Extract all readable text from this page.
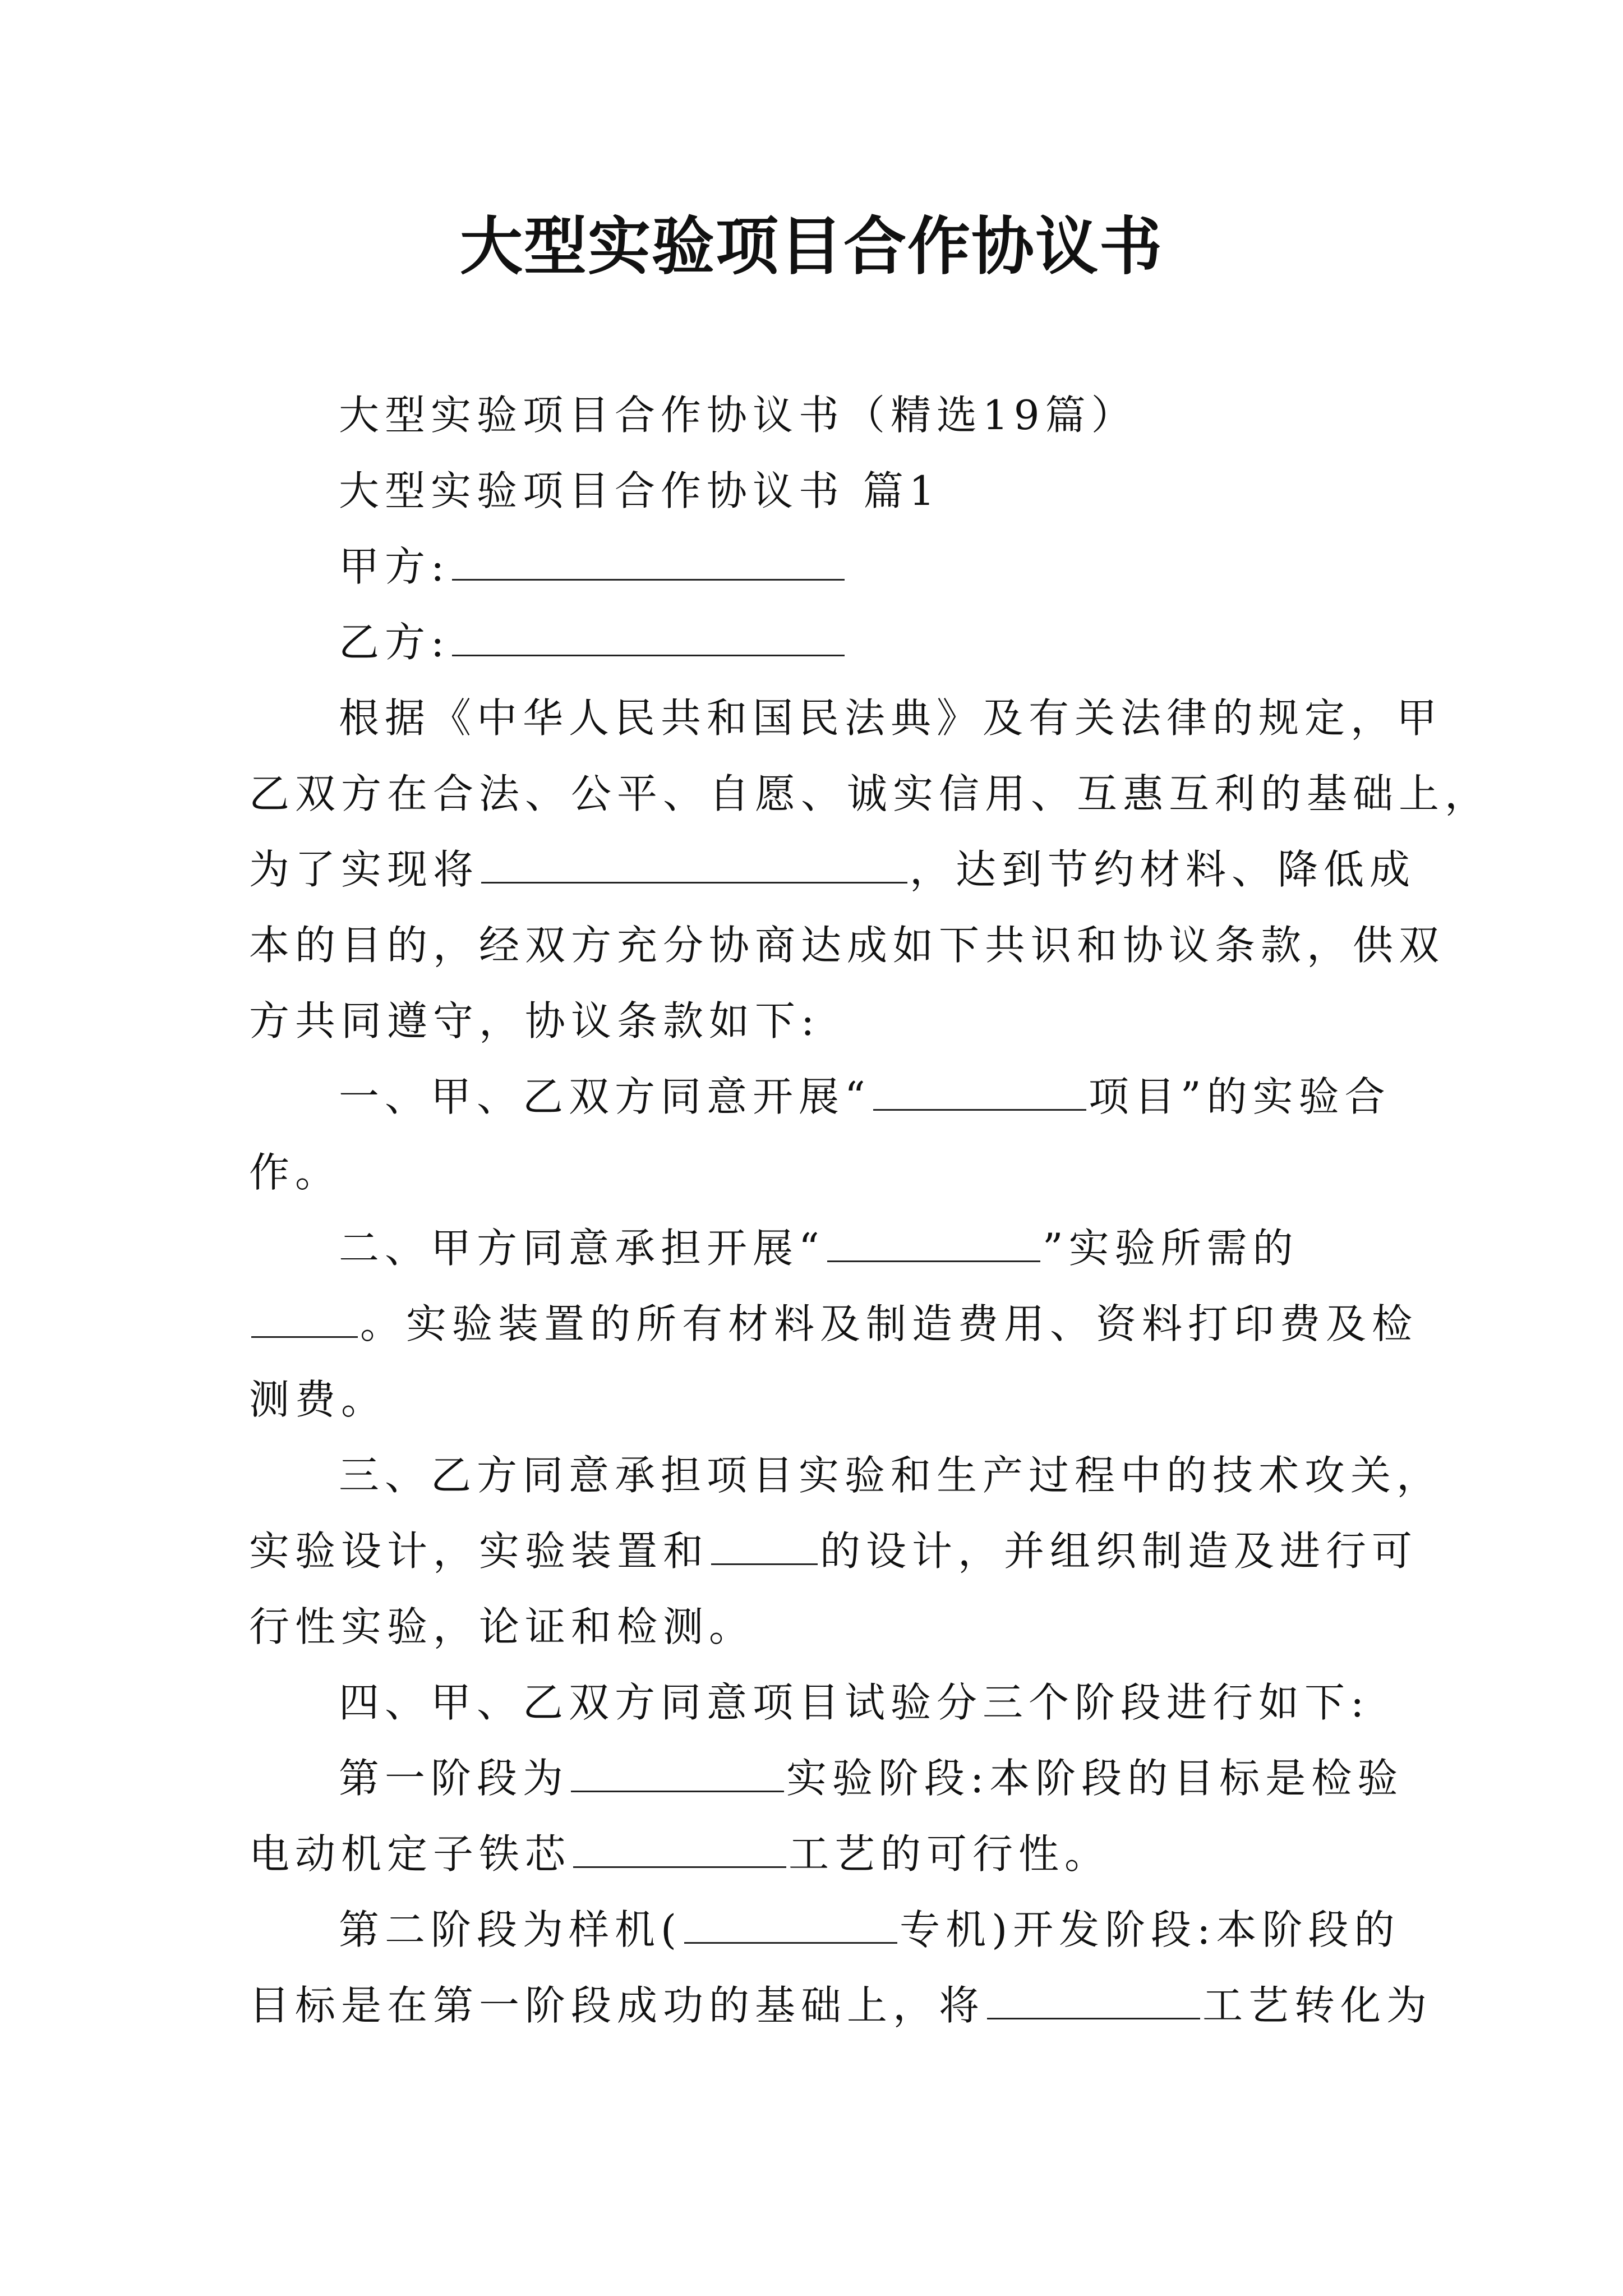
大型实验项目合作协议书
大型实验项目合作协议书（精选19篇）
大型实验项目合作协议书 篇1
甲方:
乙方:
根据《中华人民共和国民法典》及有关法律的规定，甲
乙双方在合法、公平、自愿、诚实信用、互惠互利的基础上，
为了实现将	，达到节约材料、降低成
本的目的，经双方充分协商达成如下共识和协议条款，供双
方共同遵守，协议条款如下:
一、甲、乙双方同意开展“	项目”的实验合
作。
二、甲方同意承担开展“	”实验所需的
。实验装置的所有材料及制造费用、资料打印费及检
测费。
三、乙方同意承担项目实验和生产过程中的技术攻关，
实验设计，实验装置和	的设计，并组织制造及进行可
行性实验，论证和检测。
四、甲、乙双方同意项目试验分三个阶段进行如下:
第一阶段为	实验阶段:本阶段的目标是检验
电动机定子铁芯	工艺的可行性。
第二阶段为样机(	专机)开发阶段:本阶段的
目标是在第一阶段成功的基础上，将	工艺转化为
